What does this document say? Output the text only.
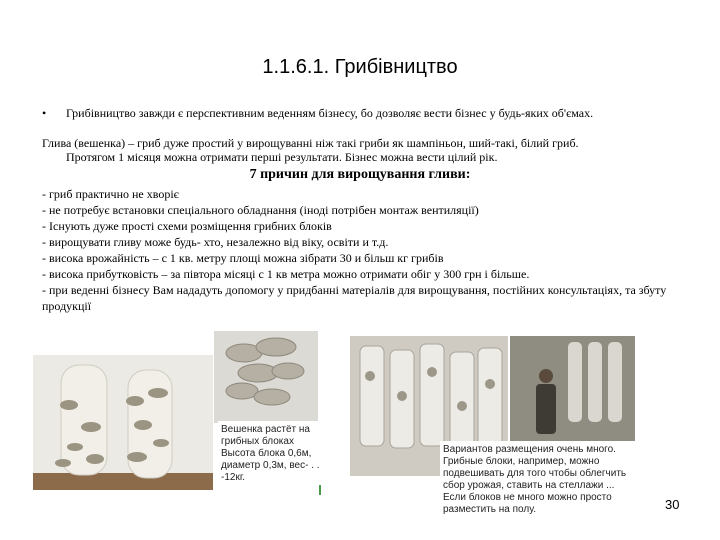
1.1.6.1. Грибівництво
• Грибівництво завжди є перспективним веденням бізнесу, бо дозволяє вести бізнес у будь-яких об'ємах.
Глива (вешенка) – гриб дуже простий у вирощуванні ніж такі гриби як шампіньон, ший-такі, білий гриб.
Протягом 1 місяця можна отримати перші результати. Бізнес можна вести цілий рік.
7 причин для вирощування гливи:
- гриб практично не хворіє
- не потребує встановки спеціального обладнання (іноді потрібен монтаж вентиляції)
- Існують дуже прості схеми розміщення грибних блоків
- вирощувати гливу може будь- хто, незалежно від віку, освіти и т.д.
- висока врожайність – с 1 кв. метру площі можна зібрати 30 и більш кг грибів
- висока прибутковість – за півтора місяці с 1 кв метра можно отримати обіг у 300 грн і більше.
- при веденні бізнесу Вам нададуть допомогу у придбанні матеріалів для вирощування, постійних консультаціях, та збуту продукції
Вешенка растёт на грибных блоках Высота блока 0,6м, диаметр 0,3м, вес- . . -12кг.
Вариантов размещения очень много. Грибные блоки, например, можно подвешивать для того чтобы облегчить сбор урожая, ставить на стеллажи ... Если блоков не много можно просто разместить на полу.	30
